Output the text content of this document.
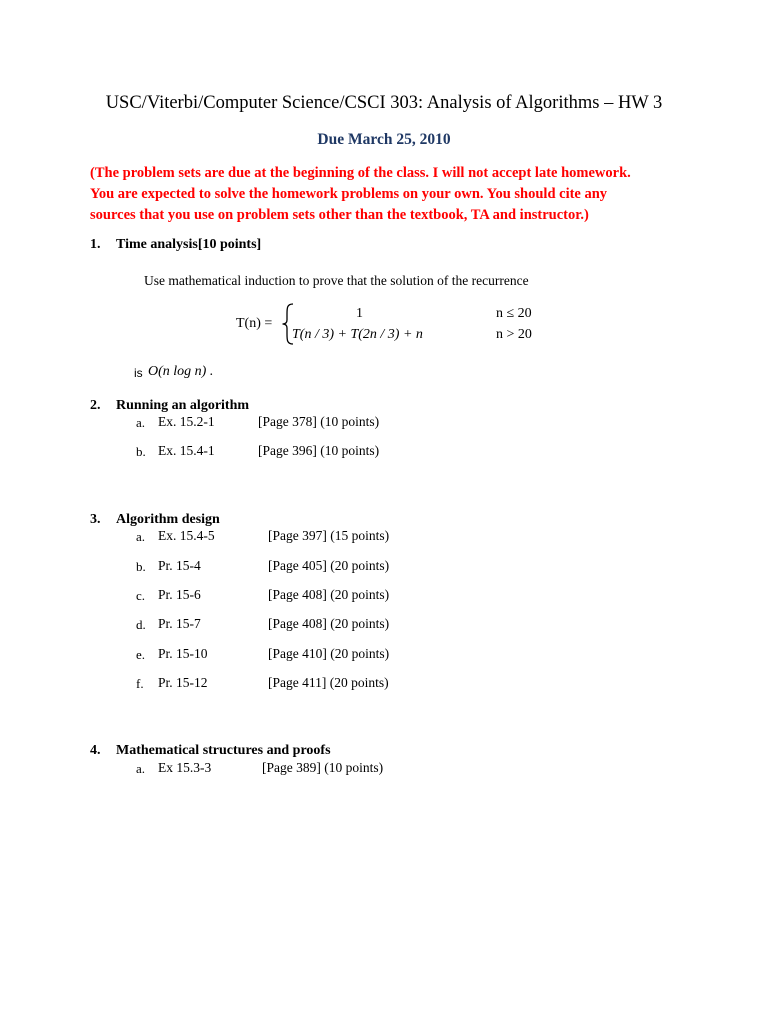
USC/Viterbi/Computer Science/CSCI 303: Analysis of Algorithms – HW 3
Due March 25, 2010
(The problem sets are due at the beginning of the class. I will not accept late homework.
You are expected to solve the homework problems on your own. You should cite any
sources that you use on problem sets other than the textbook, TA and instructor.)
1. Time analysis[10 points]
Use mathematical induction to prove that the solution of the recurrence
T(n) =
1	n ≤ 20
T(n / 3) + T(2n / 3) + n	n > 20
is O(n log n) .
2. Running an algorithm
a. Ex. 15.2-1	[Page 378] (10 points)
b. Ex. 15.4-1	[Page 396] (10 points)
3. Algorithm design
a. Ex. 15.4-5	[Page 397] (15 points)
b. Pr. 15-4	[Page 405] (20 points)
c. Pr. 15-6	[Page 408] (20 points)
d. Pr. 15-7	[Page 408] (20 points)
e. Pr. 15-10	[Page 410] (20 points)
f. Pr. 15-12	[Page 411] (20 points)
4. Mathematical structures and proofs
a. Ex 15.3-3	[Page 389] (10 points)
